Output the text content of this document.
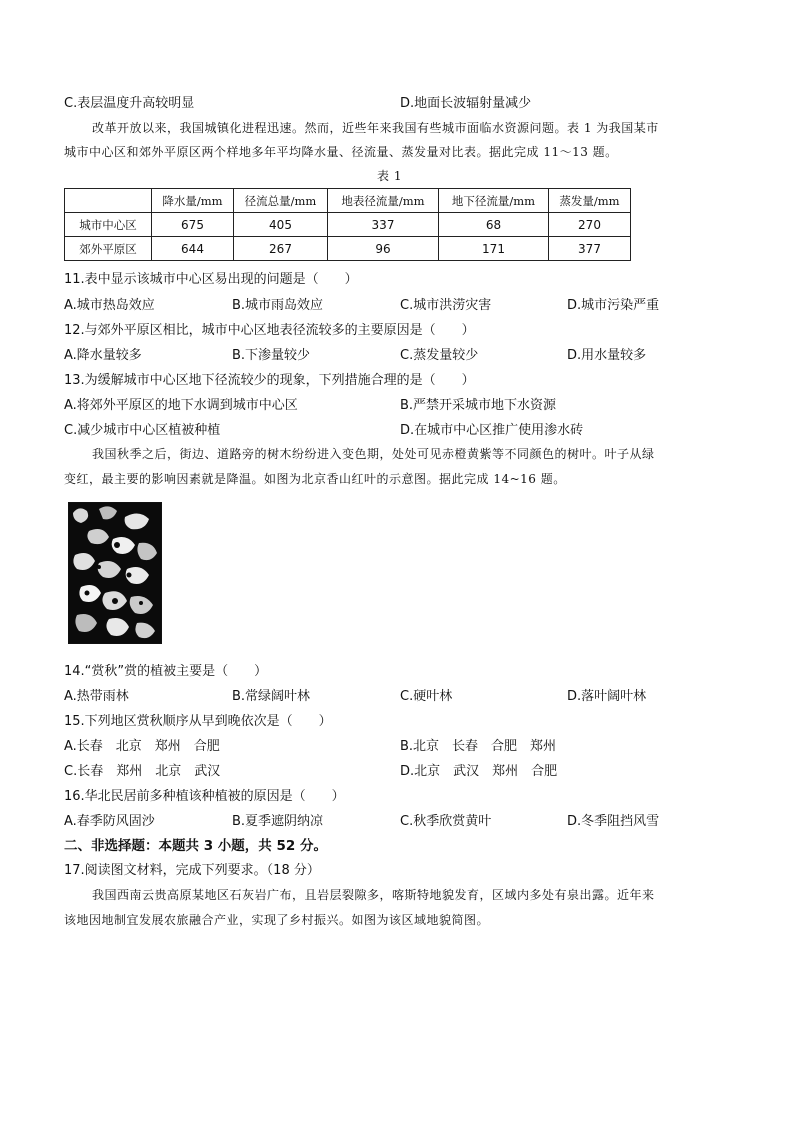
C.表层温度升高较明显	D.地面长波辐射量减少
改革开放以来，我国城镇化进程迅速。然而，近些年来我国有些城市面临水资源问题。表 1 为我国某市
城市中心区和郊外平原区两个样地多年平均降水量、径流量、蒸发量对比表。据此完成 11～13 题。
表 1
	降水量/mm	径流总量/mm	地表径流量/mm	地下径流量/mm	蒸发量/mm
城市中心区	675	405	337	68	270
郊外平原区	644	267	96	171	377
11.表中显示该城市中心区易出现的问题是（　　）
A.城市热岛效应	B.城市雨岛效应	C.城市洪涝灾害	D.城市污染严重
12.与郊外平原区相比，城市中心区地表径流较多的主要原因是（　　）
A.降水量较多	B.下渗量较少	C.蒸发量较少	D.用水量较多
13.为缓解城市中心区地下径流较少的现象，下列措施合理的是（　　）
A.将郊外平原区的地下水调到城市中心区	B.严禁开采城市地下水资源
C.减少城市中心区植被种植	D.在城市中心区推广使用渗水砖
我国秋季之后，街边、道路旁的树木纷纷进入变色期，处处可见赤橙黄紫等不同颜色的树叶。叶子从绿
变红，最主要的影响因素就是降温。如图为北京香山红叶的示意图。据此完成 14~16 题。
14.“赏秋”赏的植被主要是（　　）
A.热带雨林	B.常绿阔叶林	C.硬叶林	D.落叶阔叶林
15.下列地区赏秋顺序从早到晚依次是（　　）
A.长春　北京　郑州　合肥	B.北京　长春　合肥　郑州
C.长春　郑州　北京　武汉	D.北京　武汉　郑州　合肥
16.华北民居前多种植该种植被的原因是（　　）
A.春季防风固沙	B.夏季遮阴纳凉	C.秋季欣赏黄叶	D.冬季阻挡风雪
二、非选择题：本题共 3 小题，共 52 分。
17.阅读图文材料，完成下列要求。（18 分）
我国西南云贵高原某地区石灰岩广布，且岩层裂隙多，喀斯特地貌发育，区域内多处有泉出露。近年来
该地因地制宜发展农旅融合产业，实现了乡村振兴。如图为该区域地貌简图。
